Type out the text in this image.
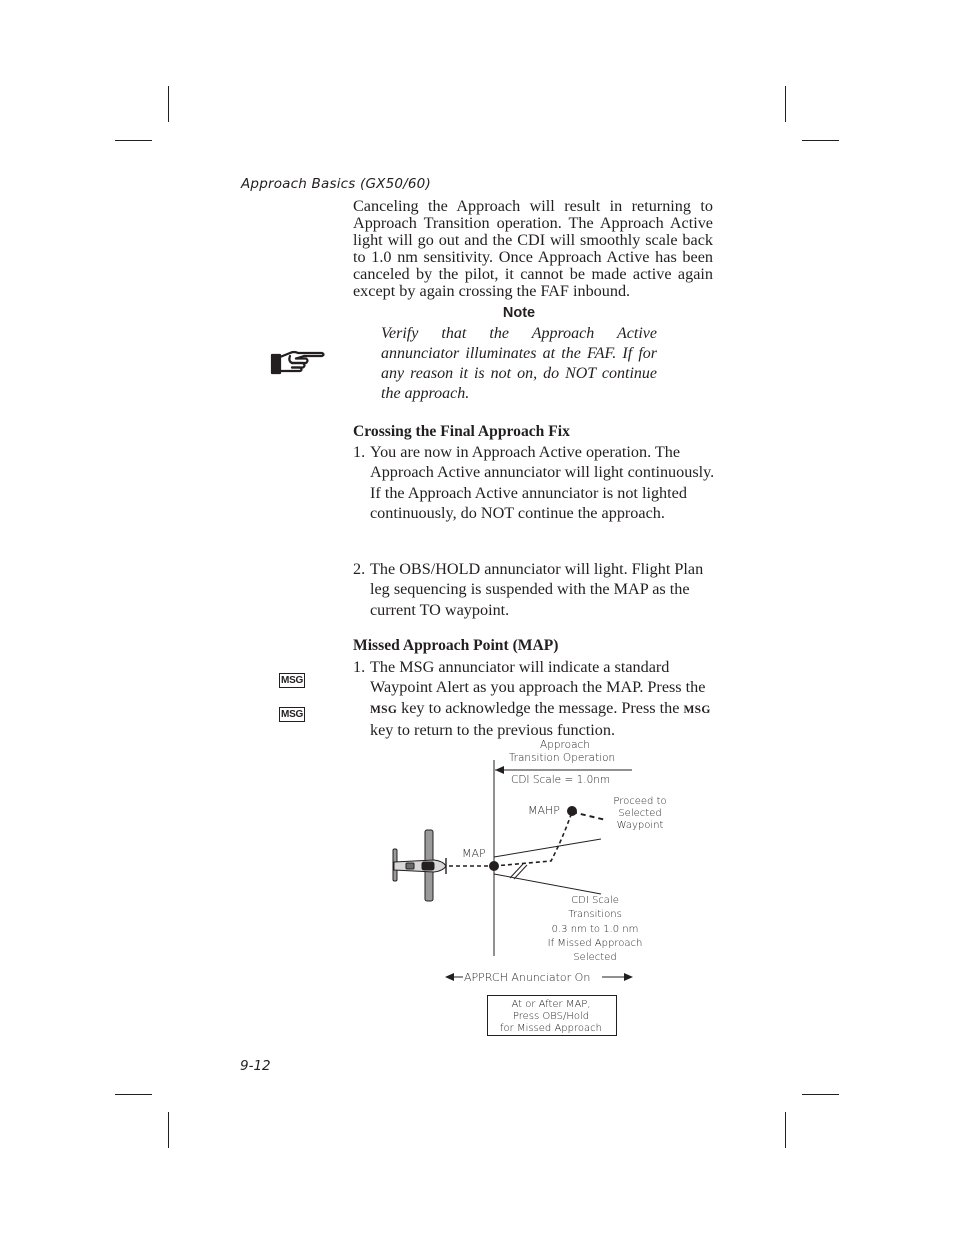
Approach Basics (GX50/60)
Canceling the Approach will result in returning to Approach Transition operation. The Approach Active light will go out and the CDI will smoothly scale back to 1.0 nm sensitivity. Once Approach Active has been canceled by the pilot, it cannot be made active again except by again crossing the FAF inbound.
Note
Verify that the Approach Active annunciator illuminates at the FAF. If for any reason it is not on, do NOT continue the approach.
Crossing the Final Approach Fix
1. You are now in Approach Active operation. The Approach Active annunciator will light continuously. If the Approach Active annunciator is not lighted continuously, do NOT continue the approach.
2. The OBS/HOLD annunciator will light. Flight Plan leg sequencing is suspended with the MAP as the current TO waypoint.
Missed Approach Point (MAP)
MSG
MSG
1. The MSG annunciator will indicate a standard Waypoint Alert as you approach the MAP. Press the MSG key to acknowledge the message. Press the MSG key to return to the previous function.
Approach
Transition Operation
CDI Scale = 1.0nm
MAP
MAHP
Proceed to
Selected
Waypoint
CDI Scale
Transitions
0.3 nm to 1.0 nm
If Missed Approach
Selected
APPRCH Anunciator On
At or After MAP,
Press OBS/Hold
for Missed Approach
9-12
